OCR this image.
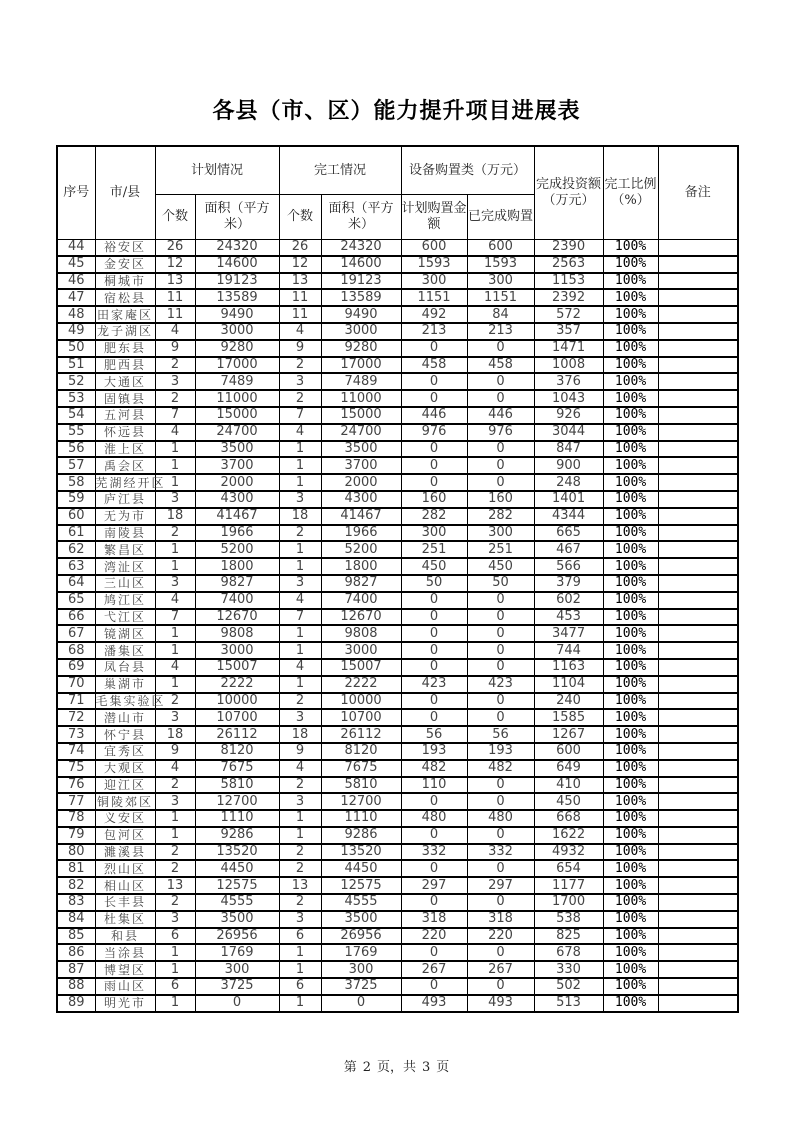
各县（市、区）能力提升项目进展表
序号	市/县	计划情况		完工情况		设备购置类（万元）		完成投资额（万元）	完工比例（%）	备注
		个数	面积（平方米）	个数	面积（平方米）	计划购置金额	已完成购置			
44	裕安区	26	24320	26	24320	600	600	2390	100%	
45	金安区	12	14600	12	14600	1593	1593	2563	100%	
46	桐城市	13	19123	13	19123	300	300	1153	100%	
47	宿松县	11	13589	11	13589	1151	1151	2392	100%	
48	田家庵区	11	9490	11	9490	492	84	572	100%	
49	龙子湖区	4	3000	4	3000	213	213	357	100%	
50	肥东县	9	9280	9	9280	0	0	1471	100%	
51	肥西县	2	17000	2	17000	458	458	1008	100%	
52	大通区	3	7489	3	7489	0	0	376	100%	
53	固镇县	2	11000	2	11000	0	0	1043	100%	
54	五河县	7	15000	7	15000	446	446	926	100%	
55	怀远县	4	24700	4	24700	976	976	3044	100%	
56	淮上区	1	3500	1	3500	0	0	847	100%	
57	禹会区	1	3700	1	3700	0	0	900	100%	
58	芜湖经开区	1	2000	1	2000	0	0	248	100%	
59	庐江县	3	4300	3	4300	160	160	1401	100%	
60	无为市	18	41467	18	41467	282	282	4344	100%	
61	南陵县	2	1966	2	1966	300	300	665	100%	
62	繁昌区	1	5200	1	5200	251	251	467	100%	
63	湾沚区	1	1800	1	1800	450	450	566	100%	
64	三山区	3	9827	3	9827	50	50	379	100%	
65	鸠江区	4	7400	4	7400	0	0	602	100%	
66	弋江区	7	12670	7	12670	0	0	453	100%	
67	镜湖区	1	9808	1	9808	0	0	3477	100%	
68	潘集区	1	3000	1	3000	0	0	744	100%	
69	凤台县	4	15007	4	15007	0	0	1163	100%	
70	巢湖市	1	2222	1	2222	423	423	1104	100%	
71	毛集实验区	2	10000	2	10000	0	0	240	100%	
72	潜山市	3	10700	3	10700	0	0	1585	100%	
73	怀宁县	18	26112	18	26112	56	56	1267	100%	
74	宜秀区	9	8120	9	8120	193	193	600	100%	
75	大观区	4	7675	4	7675	482	482	649	100%	
76	迎江区	2	5810	2	5810	110	0	410	100%	
77	铜陵郊区	3	12700	3	12700	0	0	450	100%	
78	义安区	1	1110	1	1110	480	480	668	100%	
79	包河区	1	9286	1	9286	0	0	1622	100%	
80	濉溪县	2	13520	2	13520	332	332	4932	100%	
81	烈山区	2	4450	2	4450	0	0	654	100%	
82	相山区	13	12575	13	12575	297	297	1177	100%	
83	长丰县	2	4555	2	4555	0	0	1700	100%	
84	杜集区	3	3500	3	3500	318	318	538	100%	
85	和县	6	26956	6	26956	220	220	825	100%	
86	当涂县	1	1769	1	1769	0	0	678	100%	
87	博望区	1	300	1	300	267	267	330	100%	
88	雨山区	6	3725	6	3725	0	0	502	100%	
89	明光市	1	0	1	0	493	493	513	100%	
第 2 页，共 3 页
